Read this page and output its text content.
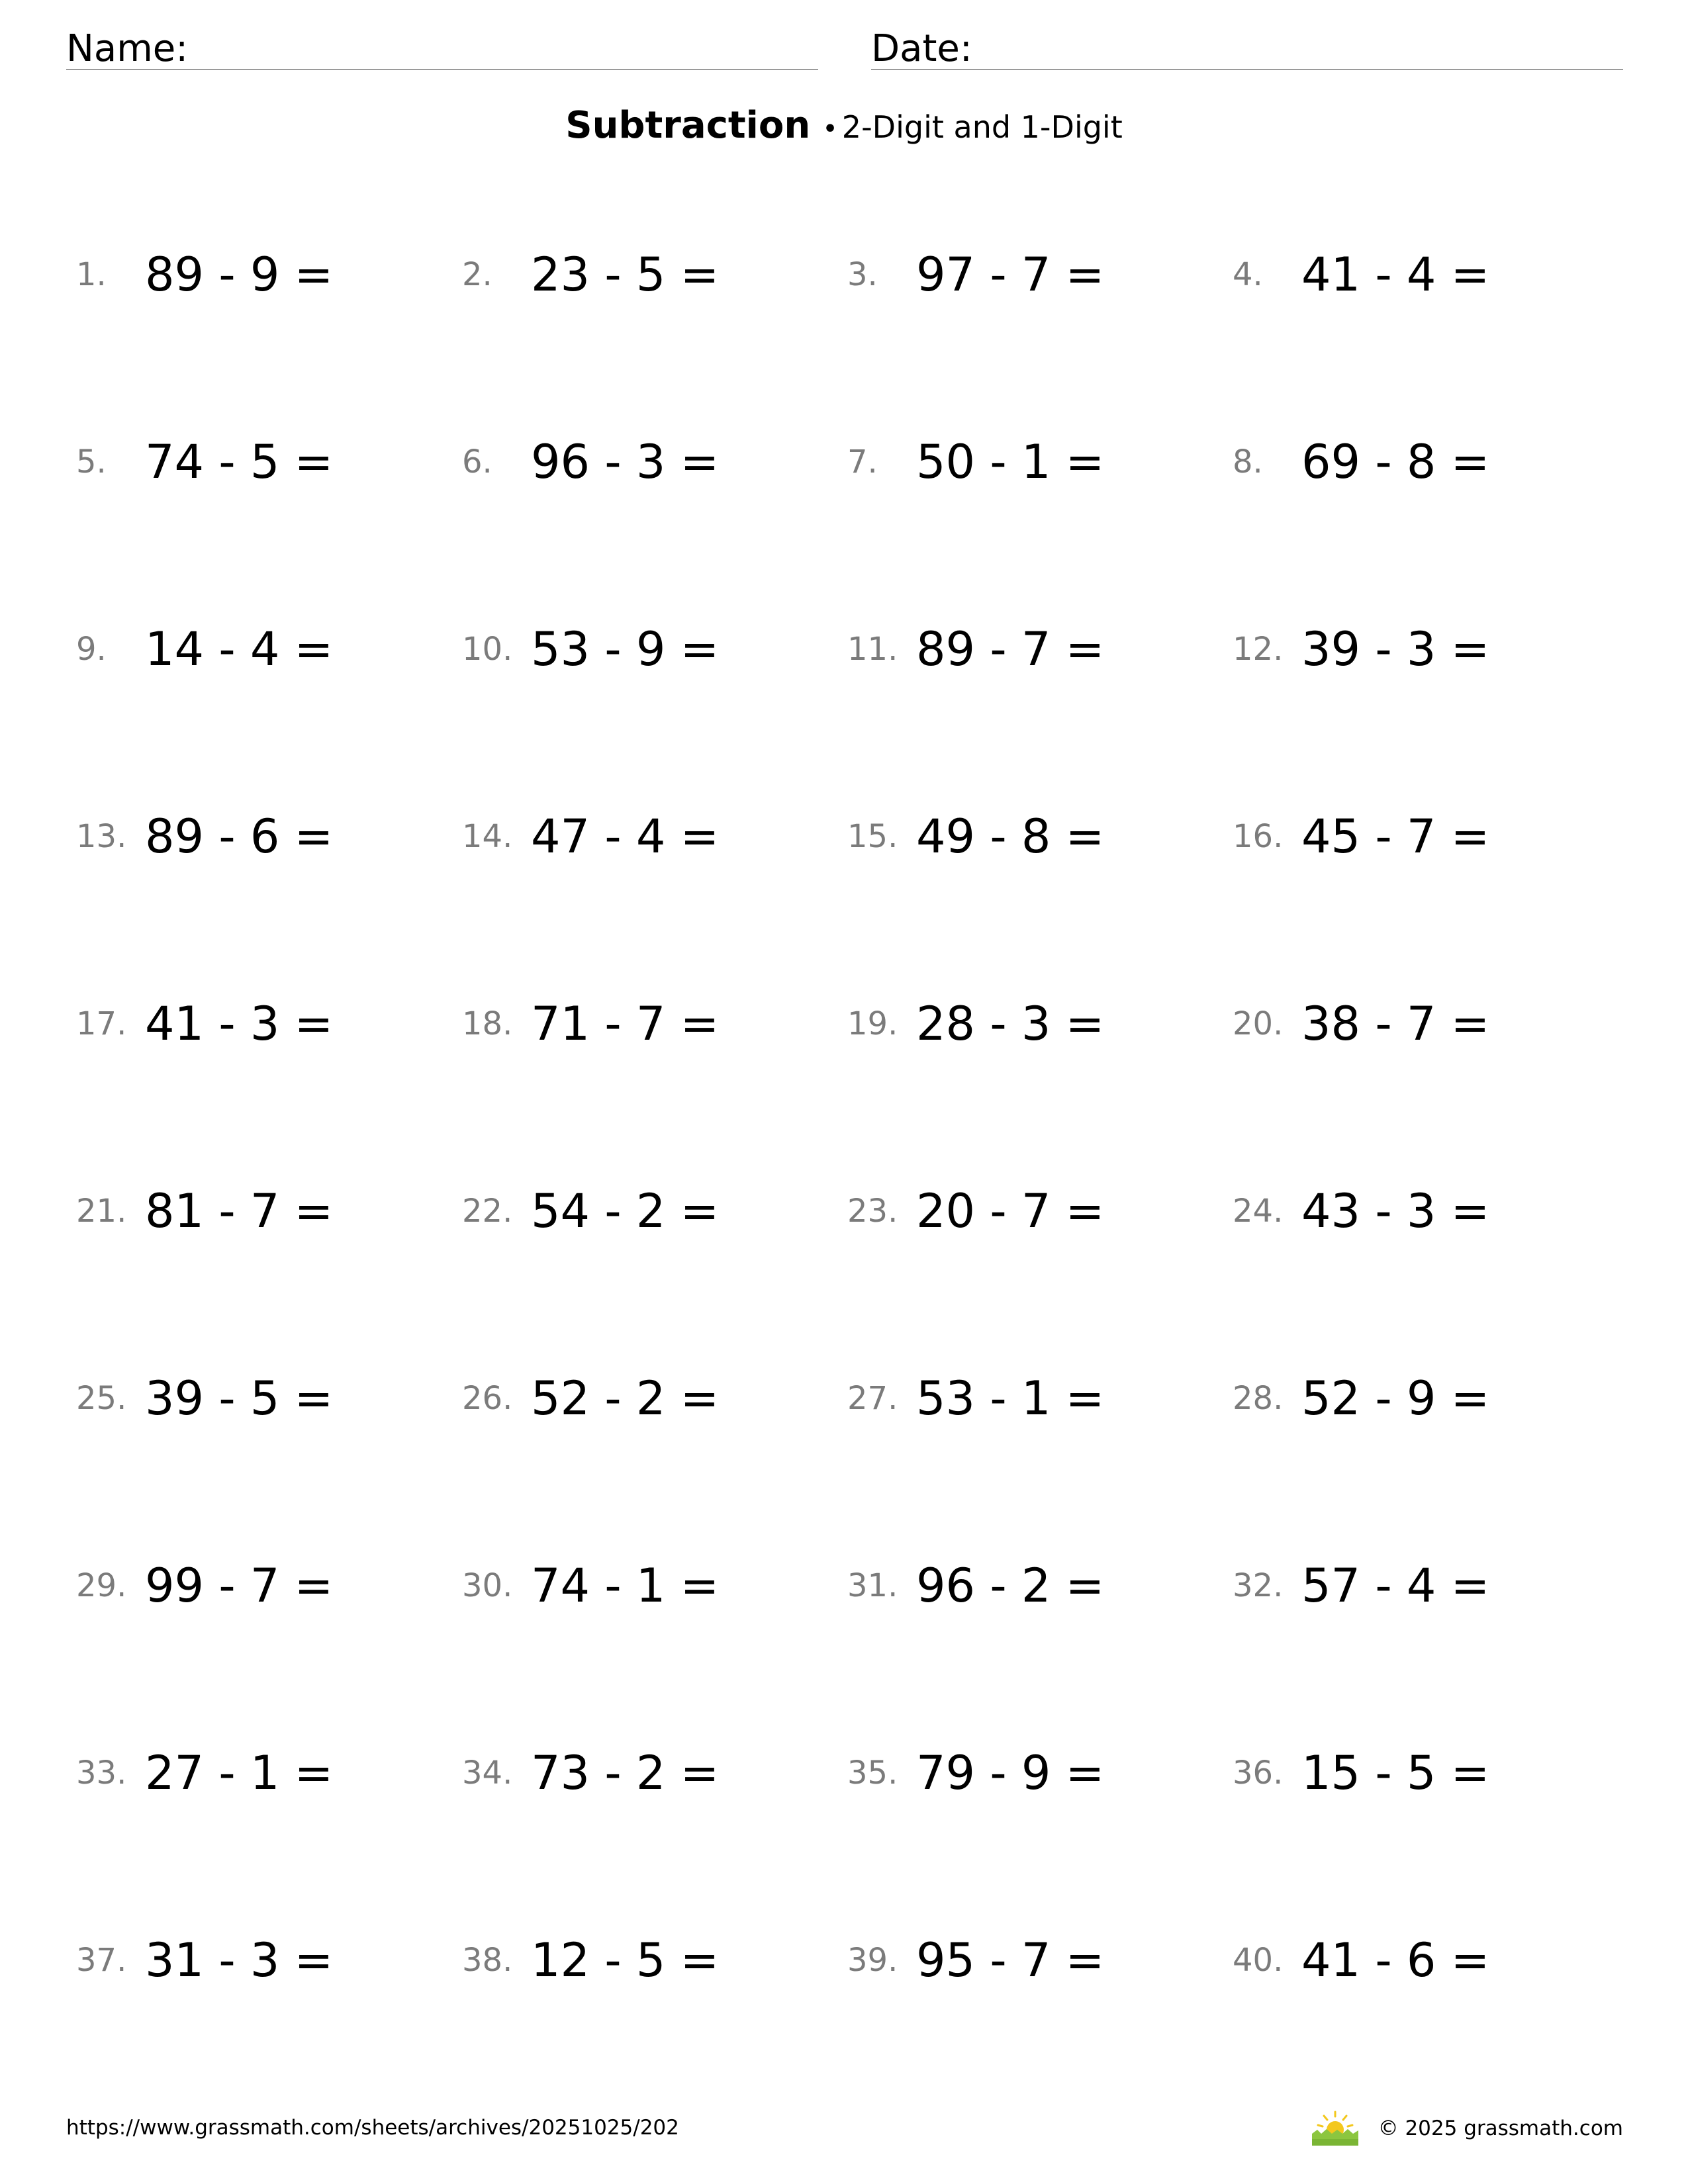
Name:	Date:
Subtraction • 2-Digit and 1-Digit
1. 89 - 9 =	2. 23 - 5 =	3. 97 - 7 =	4. 41 - 4 =
5. 74 - 5 =	6. 96 - 3 =	7. 50 - 1 =	8. 69 - 8 =
9. 14 - 4 =	10. 53 - 9 =	11. 89 - 7 =	12. 39 - 3 =
13. 89 - 6 =	14. 47 - 4 =	15. 49 - 8 =	16. 45 - 7 =
17. 41 - 3 =	18. 71 - 7 =	19. 28 - 3 =	20. 38 - 7 =
21. 81 - 7 =	22. 54 - 2 =	23. 20 - 7 =	24. 43 - 3 =
25. 39 - 5 =	26. 52 - 2 =	27. 53 - 1 =	28. 52 - 9 =
29. 99 - 7 =	30. 74 - 1 =	31. 96 - 2 =	32. 57 - 4 =
33. 27 - 1 =	34. 73 - 2 =	35. 79 - 9 =	36. 15 - 5 =
37. 31 - 3 =	38. 12 - 5 =	39. 95 - 7 =	40. 41 - 6 =
https://www.grassmath.com/sheets/archives/20251025/202	© 2025 grassmath.com
